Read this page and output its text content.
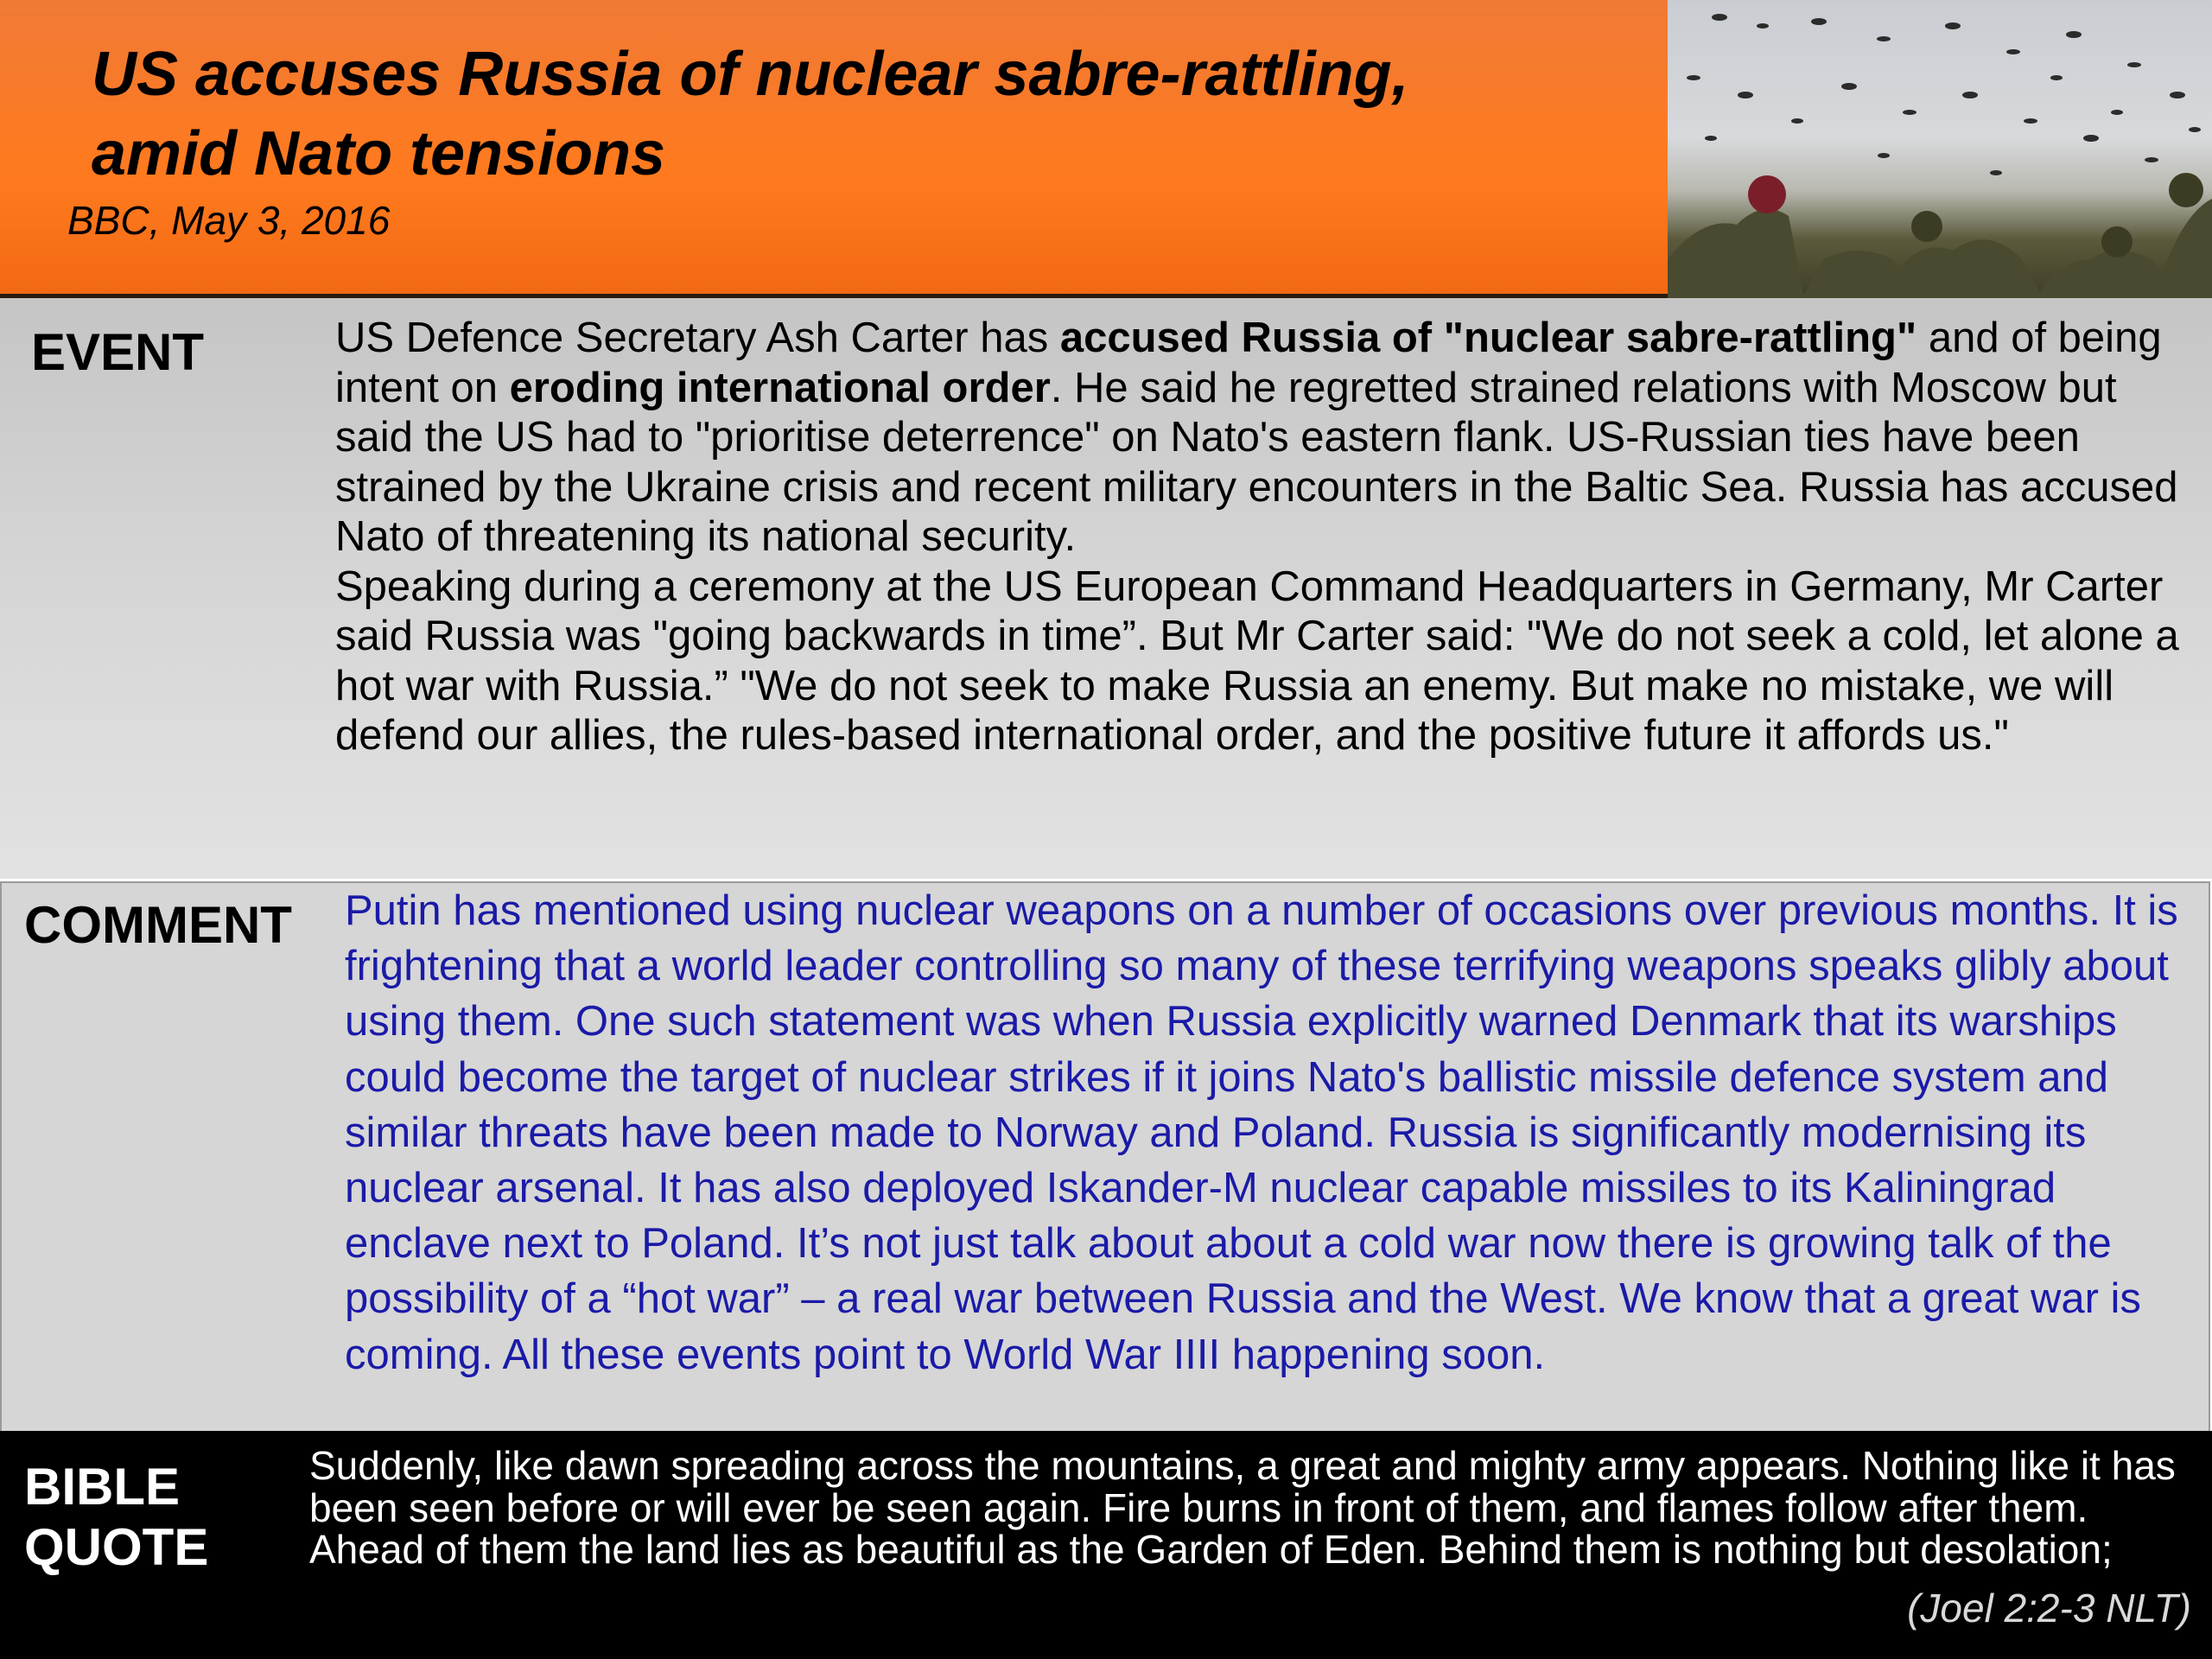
US accuses Russia of nuclear sabre-rattling,
amid Nato tensions
BBC, May 3, 2016
EVENT	US Defence Secretary Ash Carter has accused Russia of "nuclear sabre-rattling" and of being intent on eroding international order. He said he regretted strained relations with Moscow but said the US had to "prioritise deterrence" on Nato's eastern flank. US-Russian ties have been strained by the Ukraine crisis and recent military encounters in the Baltic Sea. Russia has accused Nato of threatening its national security.
Speaking during a ceremony at the US European Command Headquarters in Germany, Mr Carter said Russia was "going backwards in time”. But Mr Carter said: "We do not seek a cold, let alone a hot war with Russia.” "We do not seek to make Russia an enemy. But make no mistake, we will defend our allies, the rules-based international order, and the positive future it affords us."
COMMENT Putin has mentioned using nuclear weapons on a number of occasions over previous months. It is frightening that a world leader controlling so many of these terrifying weapons speaks glibly about using them. One such statement was when Russia explicitly warned Denmark that its warships could become the target of nuclear strikes if it joins Nato's ballistic missile defence system and similar threats have been made to Norway and Poland. Russia is significantly modernising its nuclear arsenal. It has also deployed Iskander-M nuclear capable missiles to its Kaliningrad enclave next to Poland. It’s not just talk about about a cold war now there is growing talk of the possibility of a “hot war” – a real war between Russia and the West. We know that a great war is coming. All these events point to World War IIII happening soon.
BIBLE
QUOTE
Suddenly, like dawn spreading across the mountains, a great and mighty army appears. Nothing like it has been seen before or will ever be seen again. Fire burns in front of them, and flames follow after them. Ahead of them the land lies as beautiful as the Garden of Eden. Behind them is nothing but desolation;
(Joel 2:2-3 NLT)
